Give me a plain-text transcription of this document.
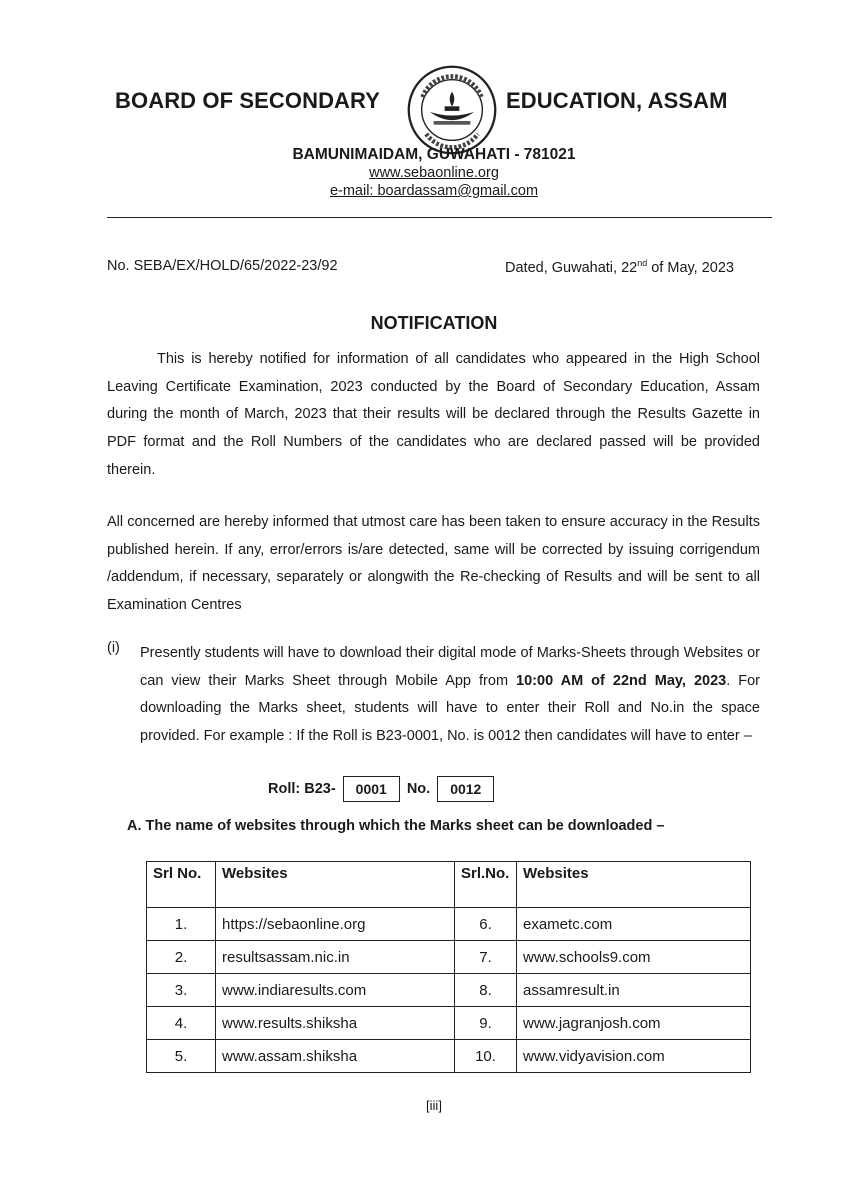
BOARD OF SECONDARY	EDUCATION, ASSAM
BAMUNIMAIDAM, GUWAHATI - 781021
www.sebaonline.org
e-mail: boardassam@gmail.com
No. SEBA/EX/HOLD/65/2022-23/92	Dated, Guwahati, 22nd of May, 2023
NOTIFICATION
This is hereby notified for information of all candidates who appeared in the High School Leaving Certificate Examination, 2023 conducted by the Board of Secondary Education, Assam during the month of March, 2023 that their results will be declared through the Results Gazette in PDF format and the Roll Numbers of the candidates who are declared passed will be provided therein.
All concerned are hereby informed that utmost care has been taken to ensure accuracy in the Results published herein. If any, error/errors is/are detected, same will be corrected by issuing corrigendum /addendum, if necessary, separately or alongwith the Re-checking of Results and will be sent to all Examination Centres
(i) Presently students will have to download their digital mode of Marks-Sheets through Websites or can view their Marks Sheet through Mobile App from 10:00 AM of 22nd May, 2023. For downloading the Marks sheet, students will have to enter their Roll and No.in the space provided. For example : If the Roll is B23-0001, No. is 0012 then candidates will have to enter –
Roll: B23-	0001	No.	0012
A. The name of websites through which the Marks sheet can be downloaded –
Srl No.	Websites	Srl.No.	Websites
1.	https://sebaonline.org	6.	exametc.com
2.	resultsassam.nic.in	7.	www.schools9.com
3.	www.indiaresults.com	8.	assamresult.in
4.	www.results.shiksha	9.	www.jagranjosh.com
5.	www.assam.shiksha	10.	www.vidyavision.com
[iii]
